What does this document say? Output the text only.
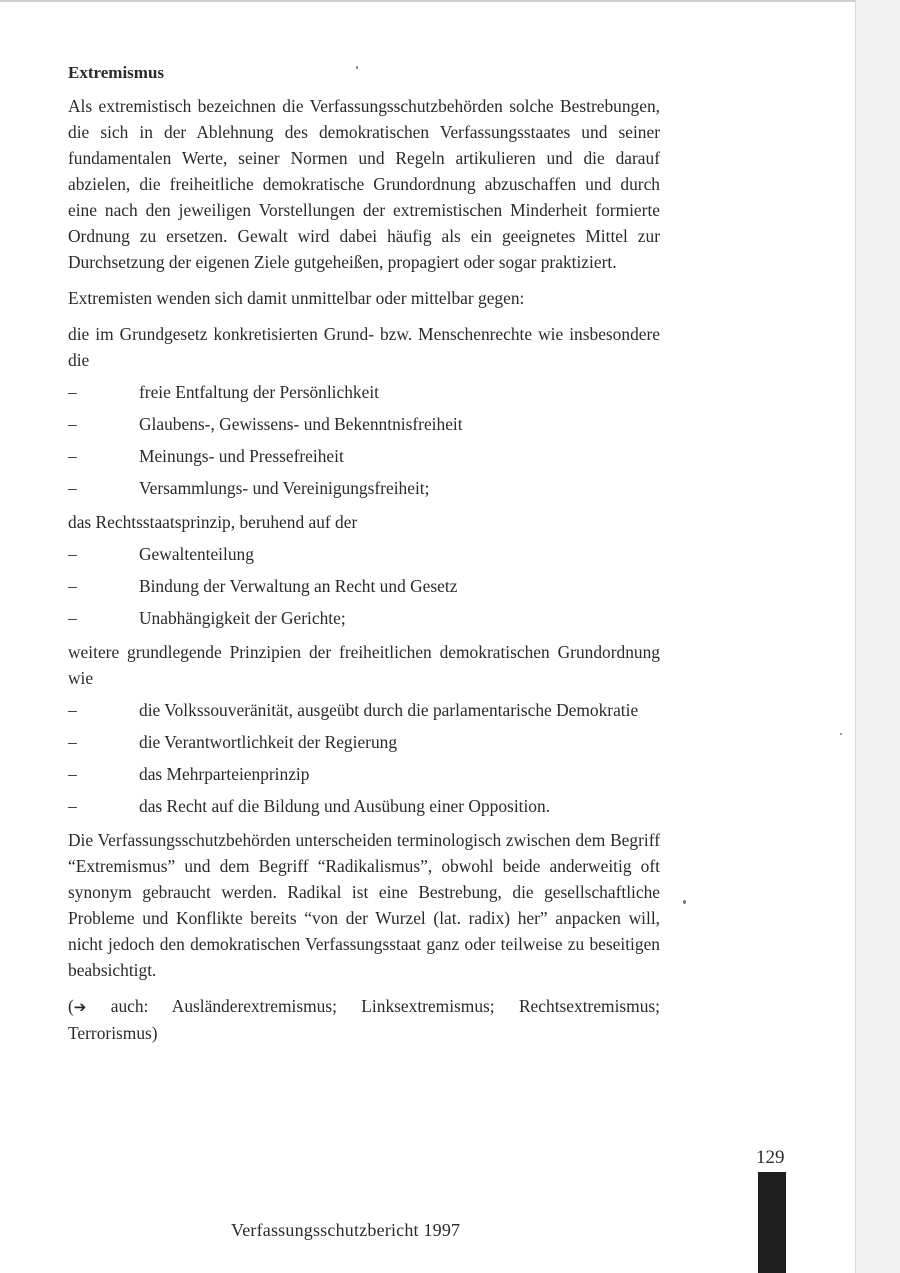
Extremismus

Als extremistisch bezeichnen die Verfassungsschutzbehörden solche Bestrebungen, die sich in der Ablehnung des demokratischen Verfassungsstaates und seiner fundamentalen Werte, seiner Normen und Regeln artikulieren und die darauf abzielen, die freiheitliche demokratische Grundordnung abzuschaffen und durch eine nach den jeweiligen Vorstellungen der extremistischen Minderheit formierte Ordnung zu ersetzen. Gewalt wird dabei häufig als ein geeignetes Mittel zur Durchsetzung der eigenen Ziele gutgeheißen, propagiert oder sogar praktiziert.

Extremisten wenden sich damit unmittelbar oder mittelbar gegen:

die im Grundgesetz konkretisierten Grund- bzw. Menschenrechte wie insbesondere die

–	freie Entfaltung der Persönlichkeit
–	Glaubens-, Gewissens- und Bekenntnisfreiheit
–	Meinungs- und Pressefreiheit
–	Versammlungs- und Vereinigungsfreiheit;

das Rechtsstaatsprinzip, beruhend auf der

–	Gewaltenteilung
–	Bindung der Verwaltung an Recht und Gesetz
–	Unabhängigkeit der Gerichte;

weitere grundlegende Prinzipien der freiheitlichen demokratischen Grundordnung wie

–	die Volkssouveränität, ausgeübt durch die parlamentarische Demokratie
–	die Verantwortlichkeit der Regierung
–	das Mehrparteienprinzip
–	das Recht auf die Bildung und Ausübung einer Opposition.

Die Verfassungsschutzbehörden unterscheiden terminologisch zwischen dem Begriff “Extremismus” und dem Begriff “Radikalismus”, obwohl beide anderweitig oft synonym gebraucht werden. Radikal ist eine Bestrebung, die gesellschaftliche Probleme und Konflikte bereits “von der Wurzel (lat. radix) her” anpacken will, nicht jedoch den demokratischen Verfassungsstaat ganz oder teilweise zu beseitigen beabsichtigt.

(➔ auch: Ausländerextremismus; Linksextremismus; Rechtsextremismus; Terrorismus)

129
Verfassungsschutzbericht 1997
